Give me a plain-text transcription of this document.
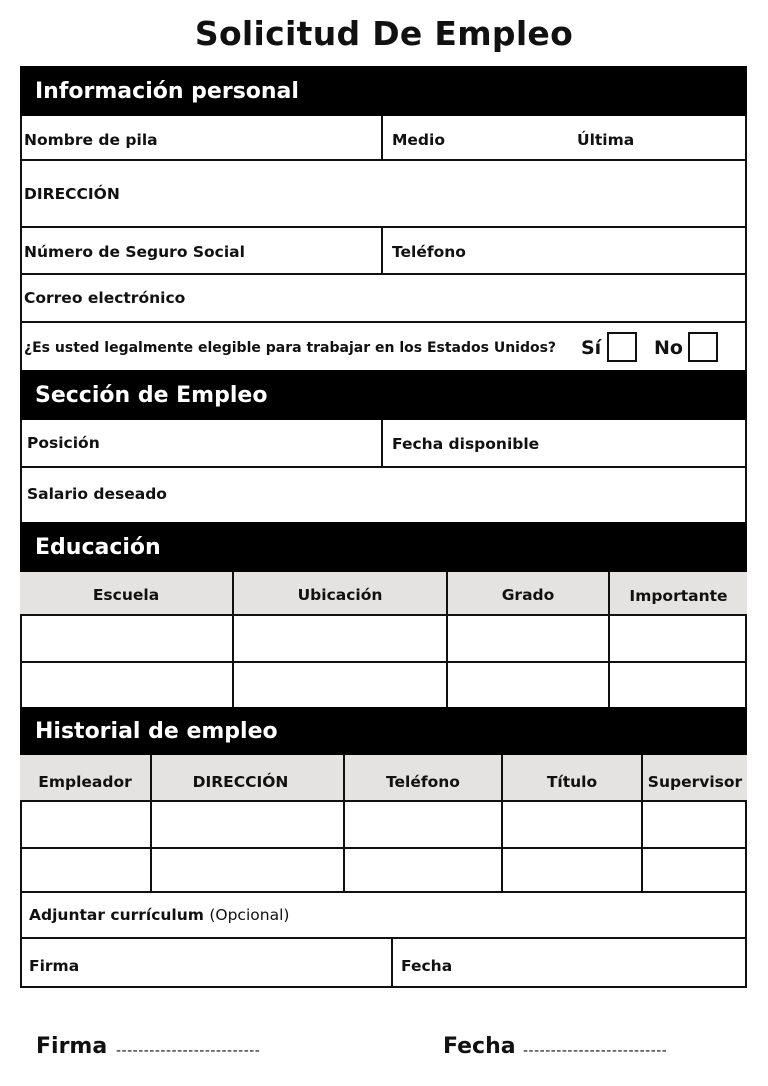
Solicitud De Empleo
Información personal
Nombre de pila	Medio	Última
DIRECCIÓN
Número de Seguro Social	Teléfono
Correo electrónico
¿Es usted legalmente elegible para trabajar en los Estados Unidos? Sí	No
Sección de Empleo
Posición	Fecha disponible
Salario deseado
Educación
Escuela	Ubicación	Grado	Importante
Historial de empleo
Empleador	DIRECCIÓN	Teléfono	Título	Supervisor
Adjuntar currículum (Opcional)
Firma	Fecha
Firma --------------------------	Fecha --------------------------
